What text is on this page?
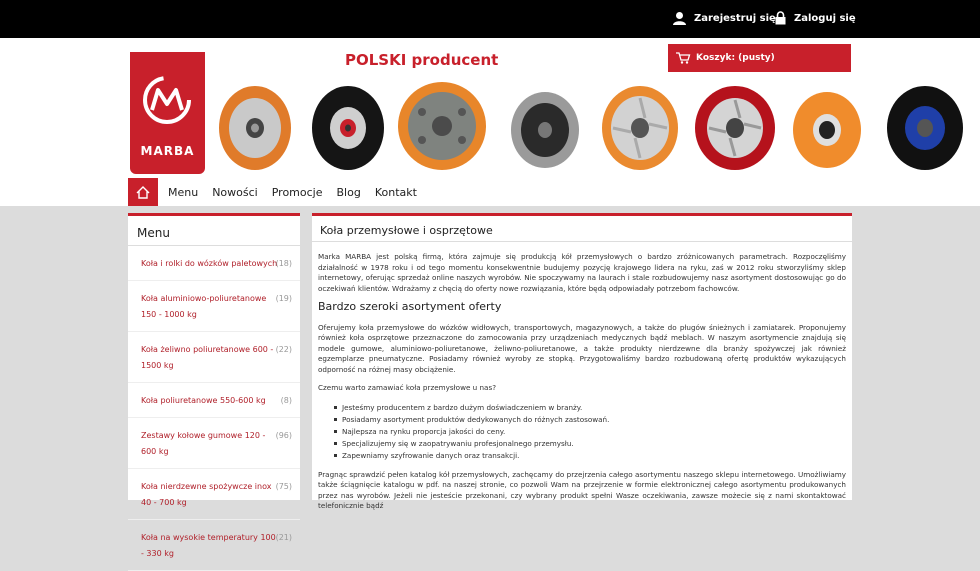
Zarejestruj się Zaloguj się
MARBA
POLSKI producent	Koszyk: (pusty)
Menu Nowości Promocje Blog Kontakt
Menu
Koła i rolki do wózków paletowych
(18)
Koła aluminiowo-poliuretanowe 150 - 1000 kg
(19)
Koła żeliwno poliuretanowe 600 - 1500 kg
(22)
Koła poliuretanowe 550-600 kg (8)
Zestawy kołowe gumowe 120 - 600 kg
(96)
Koła nierdzewne spożywcze inox 40 - 700 kg
(75)
Koła na wysokie temperatury 100 - 330 kg
(21)
Koła przemysłowe i osprzętowe

Marka MARBA jest polską firmą, która zajmuje się produkcją kół przemysłowych o bardzo zróżnicowanych parametrach. Rozpoczęliśmy działalność w 1978 roku i od tego momentu konsekwentnie budujemy pozycję krajowego lidera na ryku, zaś w 2012 roku stworzyliśmy sklep internetowy, oferując sprzedaż online naszych wyrobów. Nie spoczywamy na laurach i stale rozbudowujemy nasz asortyment dostosowując go do oczekiwań klientów. Wdrażamy z chęcią do oferty nowe rozwiązania, które będą odpowiadały potrzebom fachowców.

Bardzo szeroki asortyment oferty

Oferujemy koła przemysłowe do wózków widłowych, transportowych, magazynowych, a także do pługów śnieżnych i zamiatarek. Proponujemy również koła osprzętowe przeznaczone do zamocowania przy urządzeniach medycznych bądź meblach. W naszym asortymencie znajdują się modele gumowe, aluminiowo-poliuretanowe, żeliwno-poliuretanowe, a także produkty nierdzewne dla branży spożywczej jak również egzemplarze pneumatyczne. Posiadamy również wyroby ze stopką. Przygotowaliśmy bardzo rozbudowaną ofertę produktów wykazujących odporność na różnej masy obciążenie.

Czemu warto zamawiać koła przemysłowe u nas?

Jesteśmy producentem z bardzo dużym doświadczeniem w branży.
Posiadamy asortyment produktów dedykowanych do różnych zastosowań.
Najlepsza na rynku proporcja jakości do ceny.
Specjalizujemy się w zaopatrywaniu profesjonalnego przemysłu.
Zapewniamy szyfrowanie danych oraz transakcji.

Pragnąc sprawdzić pełen katalog kół przemysłowych, zachęcamy do przejrzenia całego asortymentu naszego sklepu internetowego. Umożliwiamy także ściągnięcie katalogu w pdf. na naszej stronie, co pozwoli Wam na przejrzenie w formie elektronicznej całego asortymentu produkowanych przez nas wyrobów. Jeżeli nie jesteście przekonani, czy wybrany produkt spełni Wasze oczekiwania, zawsze możecie się z nami skontaktować telefonicznie bądź
